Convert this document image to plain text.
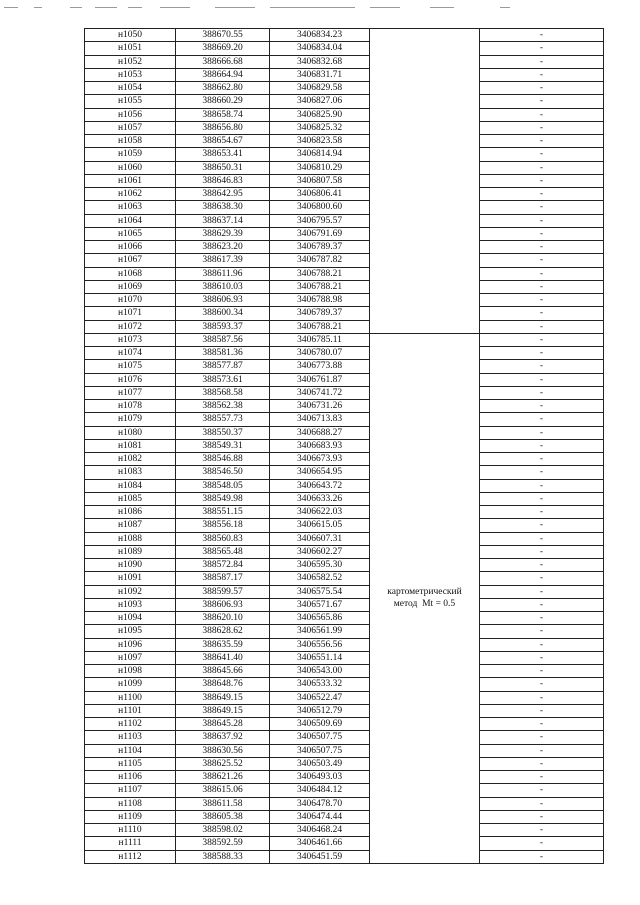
н1050	388670.55	3406834.23		-
н1051	388669.20	3406834.04		-
н1052	388666.68	3406832.68		-
н1053	388664.94	3406831.71		-
н1054	388662.80	3406829.58		-
н1055	388660.29	3406827.06		-
н1056	388658.74	3406825.90		-
н1057	388656.80	3406825.32		-
н1058	388654.67	3406823.58		-
н1059	388653.41	3406814.94		-
н1060	388650.31	3406810.29		-
н1061	388646.83	3406807.58		-
н1062	388642.95	3406806.41		-
н1063	388638.30	3406800.60		-
н1064	388637.14	3406795.57		-
н1065	388629.39	3406791.69		-
н1066	388623.20	3406789.37		-
н1067	388617.39	3406787.82		-
н1068	388611.96	3406788.21		-
н1069	388610.03	3406788.21		-
н1070	388606.93	3406788.98		-
н1071	388600.34	3406789.37		-
н1072	388593.37	3406788.21		-
н1073	388587.56	3406785.11	картометрический
метод  Mt = 0.5	-
н1074	388581.36	3406780.07		-
н1075	388577.87	3406773.88		-
н1076	388573.61	3406761.87		-
н1077	388568.58	3406741.72		-
н1078	388562.38	3406731.26		-
н1079	388557.73	3406713.83		-
н1080	388550.37	3406688.27		-
н1081	388549.31	3406683.93		-
н1082	388546.88	3406673.93		-
н1083	388546.50	3406654.95		-
н1084	388548.05	3406643.72		-
н1085	388549.98	3406633.26		-
н1086	388551.15	3406622.03		-
н1087	388556.18	3406615.05		-
н1088	388560.83	3406607.31		-
н1089	388565.48	3406602.27		-
н1090	388572.84	3406595.30		-
н1091	388587.17	3406582.52		-
н1092	388599.57	3406575.54		-
н1093	388606.93	3406571.67		-
н1094	388620.10	3406565.86		-
н1095	388628.62	3406561.99		-
н1096	388635.59	3406556.56		-
н1097	388641.40	3406551.14		-
н1098	388645.66	3406543.00		-
н1099	388648.76	3406533.32		-
н1100	388649.15	3406522.47		-
н1101	388649.15	3406512.79		-
н1102	388645.28	3406509.69		-
н1103	388637.92	3406507.75		-
н1104	388630.56	3406507.75		-
н1105	388625.52	3406503.49		-
н1106	388621.26	3406493.03		-
н1107	388615.06	3406484.12		-
н1108	388611.58	3406478.70		-
н1109	388605.38	3406474.44		-
н1110	388598.02	3406468.24		-
н1111	388592.59	3406461.66		-
н1112	388588.33	3406451.59		-
